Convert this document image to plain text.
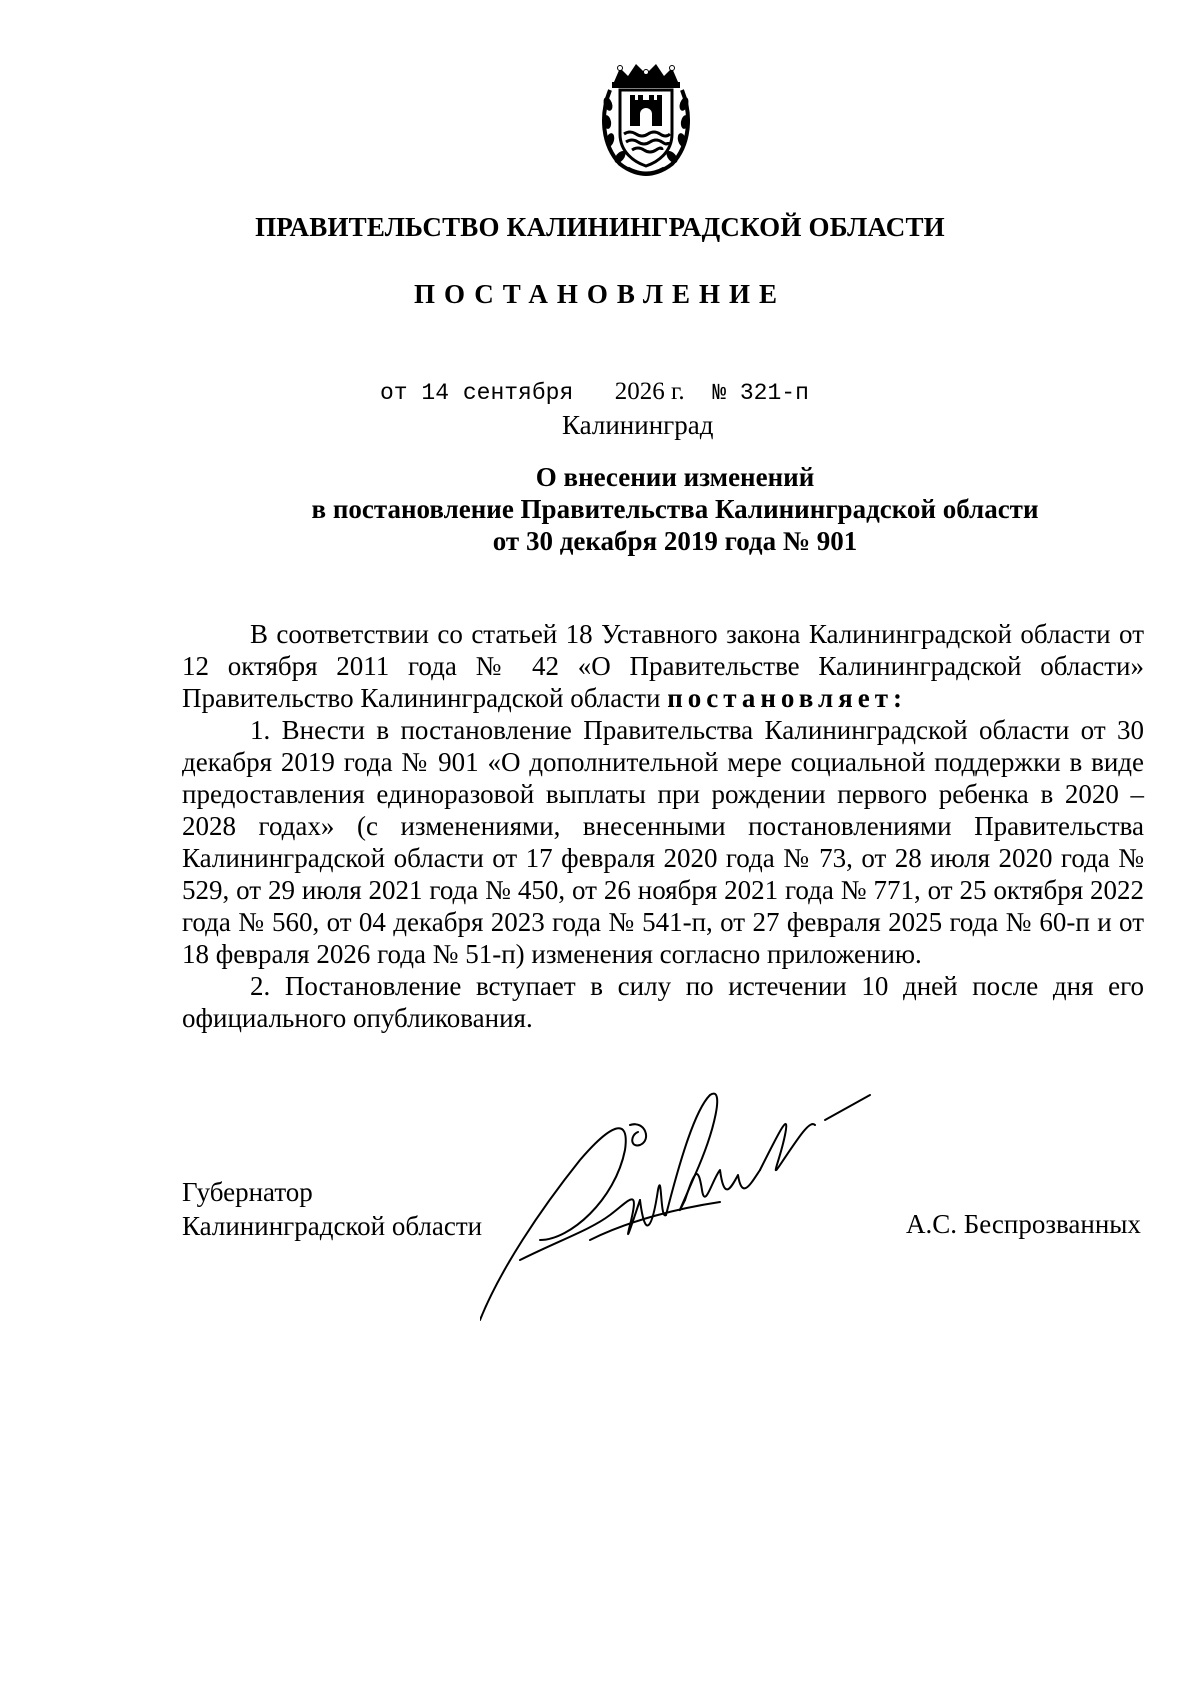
ПРАВИТЕЛЬСТВО КАЛИНИНГРАДСКОЙ ОБЛАСТИ
ПОСТАНОВЛЕНИЕ
от 14 сентября 2026 г. № 321-п
Калининград
О внесении изменений
в постановление Правительства Калининградской области
от 30 декабря 2019 года № 901

В соответствии со статьей 18 Уставного закона Калининградской области от 12 октября 2011 года № 42 «О Правительстве Калининградской области» Правительство Калининградской области постановляет:

1. Внести в постановление Правительства Калининградской области от 30 декабря 2019 года № 901 «О дополнительной мере социальной поддержки в виде предоставления единоразовой выплаты при рождении первого ребенка в 2020 – 2028 годах» (с изменениями, внесенными постановлениями Правительства Калининградской области от 17 февраля 2020 года № 73, от 28 июля 2020 года № 529, от 29 июля 2021 года № 450, от 26 ноября 2021 года № 771, от 25 октября 2022 года № 560, от 04 декабря 2023 года № 541-п, от 27 февраля 2025 года № 60-п и от 18 февраля 2026 года № 51-п) изменения согласно приложению.

2. Постановление вступает в силу по истечении 10 дней после дня его официального опубликования.

Губернатор
Калининградской области	А.С. Беспрозванных
